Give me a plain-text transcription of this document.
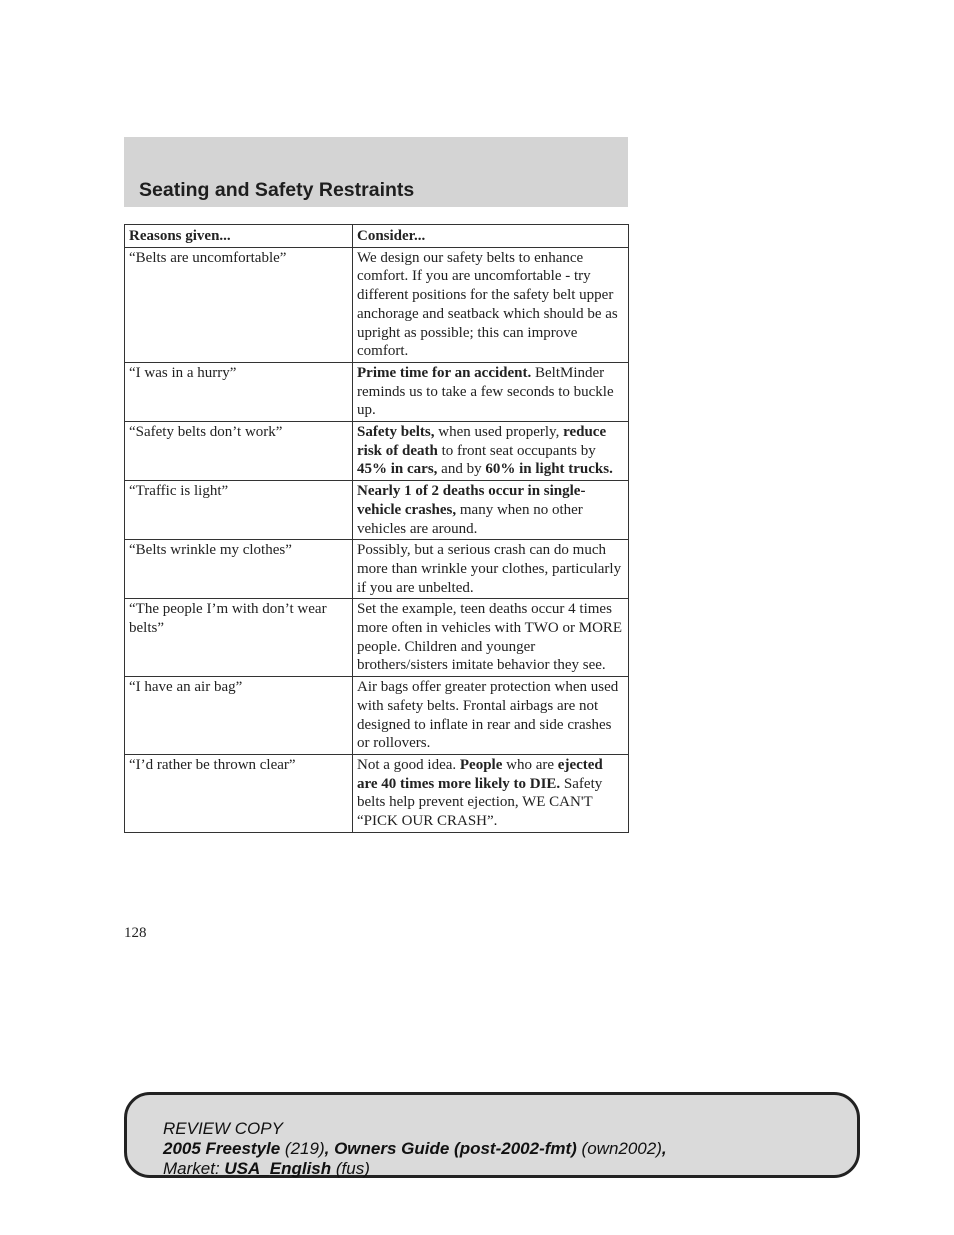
Seating and Safety Restraints
Reasons given...	Consider...
“Belts are uncomfortable”	We design our safety belts to enhance comfort. If you are uncomfortable - try different positions for the safety belt upper anchorage and seatback which should be as upright as possible; this can improve comfort.
“I was in a hurry”	Prime time for an accident. BeltMinder reminds us to take a few seconds to buckle up.
“Safety belts don’t work”	Safety belts, when used properly, reduce risk of death to front seat occupants by 45% in cars, and by 60% in light trucks.
“Traffic is light”	Nearly 1 of 2 deaths occur in single-vehicle crashes, many when no other vehicles are around.
“Belts wrinkle my clothes”	Possibly, but a serious crash can do much more than wrinkle your clothes, particularly if you are unbelted.
“The people I’m with don’t wear belts”	Set the example, teen deaths occur 4 times more often in vehicles with TWO or MORE people. Children and younger brothers/sisters imitate behavior they see.
“I have an air bag”	Air bags offer greater protection when used with safety belts. Frontal airbags are not designed to inflate in rear and side crashes or rollovers.
“I’d rather be thrown clear”	Not a good idea. People who are ejected are 40 times more likely to DIE. Safety belts help prevent ejection, WE CAN'T “PICK OUR CRASH”.
128
REVIEW COPY
2005 Freestyle (219), Owners Guide (post-2002-fmt) (own2002),
Market: USA_English (fus)
